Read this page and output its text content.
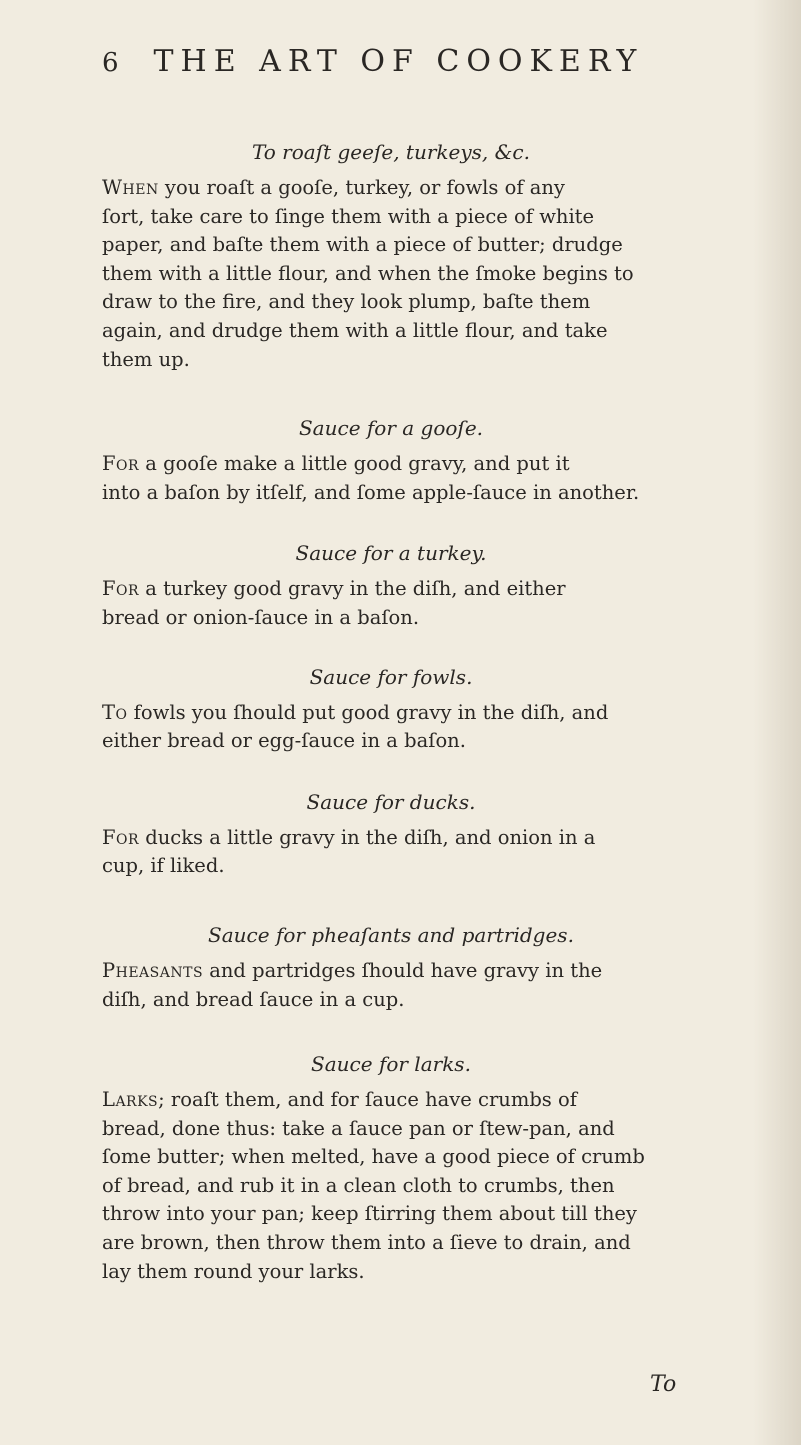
6 THE ART OF COOKERY

To roaſt geeſe, turkeys, &c.

When you roaſt a gooſe, turkey, or fowls of any
ſort, take care to ſinge them with a piece of white
paper, and baſte them with a piece of butter; drudge
them with a little flour, and when the ſmoke begins to
draw to the fire, and they look plump, baſte them
again, and drudge them with a little flour, and take
them up.

Sauce for a gooſe.

For a gooſe make a little good gravy, and put it
into a baſon by itſelf, and ſome apple-ſauce in another.

Sauce for a turkey.

For a turkey good gravy in the diſh, and either
bread or onion-ſauce in a baſon.

Sauce for fowls.

To fowls you ſhould put good gravy in the diſh, and
either bread or egg-ſauce in a baſon.

Sauce for ducks.

For ducks a little gravy in the diſh, and onion in a
cup, if liked.

Sauce for pheaſants and partridges.

Pheasants and partridges ſhould have gravy in the
diſh, and bread ſauce in a cup.

Sauce for larks.

Larks; roaſt them, and for ſauce have crumbs of
bread, done thus: take a ſauce pan or ſtew-pan, and
ſome butter; when melted, have a good piece of crumb
of bread, and rub it in a clean cloth to crumbs, then
throw into your pan; keep ſtirring them about till they
are brown, then throw them into a ſieve to drain, and
lay them round your larks.

To
